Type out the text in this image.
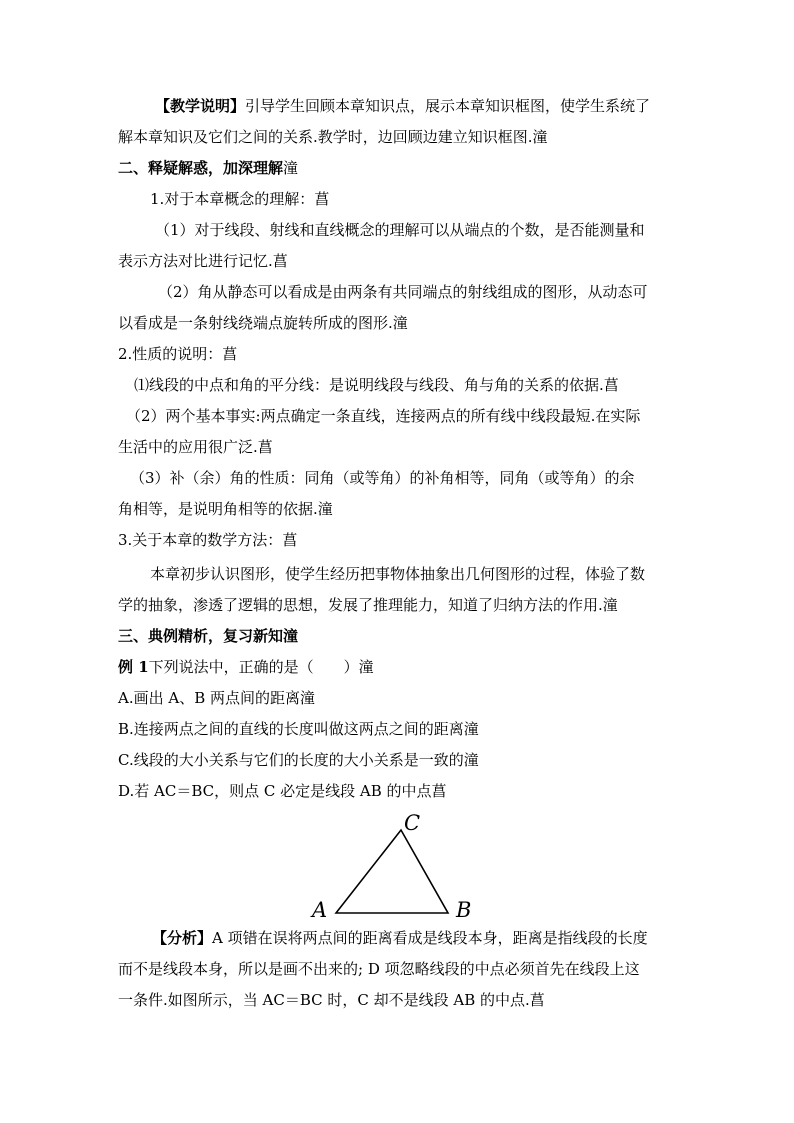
【教学说明】引导学生回顾本章知识点，展示本章知识框图，使学生系统了
解本章知识及它们之间的关系.教学时，边回顾边建立知识框图.潼
二、释疑解惑，加深理解潼
1.对于本章概念的理解：菖
（1）对于线段、射线和直线概念的理解可以从端点的个数，是否能测量和
表示方法对比进行记忆.菖
（2）角从静态可以看成是由两条有共同端点的射线组成的图形，从动态可
以看成是一条射线绕端点旋转所成的图形.潼
2.性质的说明：菖
⑴线段的中点和角的平分线：是说明线段与线段、角与角的关系的依据.菖
（2）两个基本事实:两点确定一条直线，连接两点的所有线中线段最短.在实际
生活中的应用很广泛.菖
（3）补（余）角的性质：同角（或等角）的补角相等，同角（或等角）的余
角相等，是说明角相等的依据.潼
3.关于本章的数学方法：菖
本章初步认识图形，使学生经历把事物体抽象出几何图形的过程，体验了数
学的抽象，渗透了逻辑的思想，发展了推理能力，知道了归纳方法的作用.潼
三、典例精析，复习新知潼
例 1下列说法中，正确的是（　　）潼
A.画出 A、B 两点间的距离潼
B.连接两点之间的直线的长度叫做这两点之间的距离潼
C.线段的大小关系与它们的长度的大小关系是一致的潼
D.若 AC＝BC，则点 C 必定是线段 AB 的中点菖
A
C
B
【分析】A 项错在误将两点间的距离看成是线段本身，距离是指线段的长度
而不是线段本身，所以是画不出来的; D 项忽略线段的中点必须首先在线段上这
一条件.如图所示，当 AC＝BC 时，C 却不是线段 AB 的中点.菖
